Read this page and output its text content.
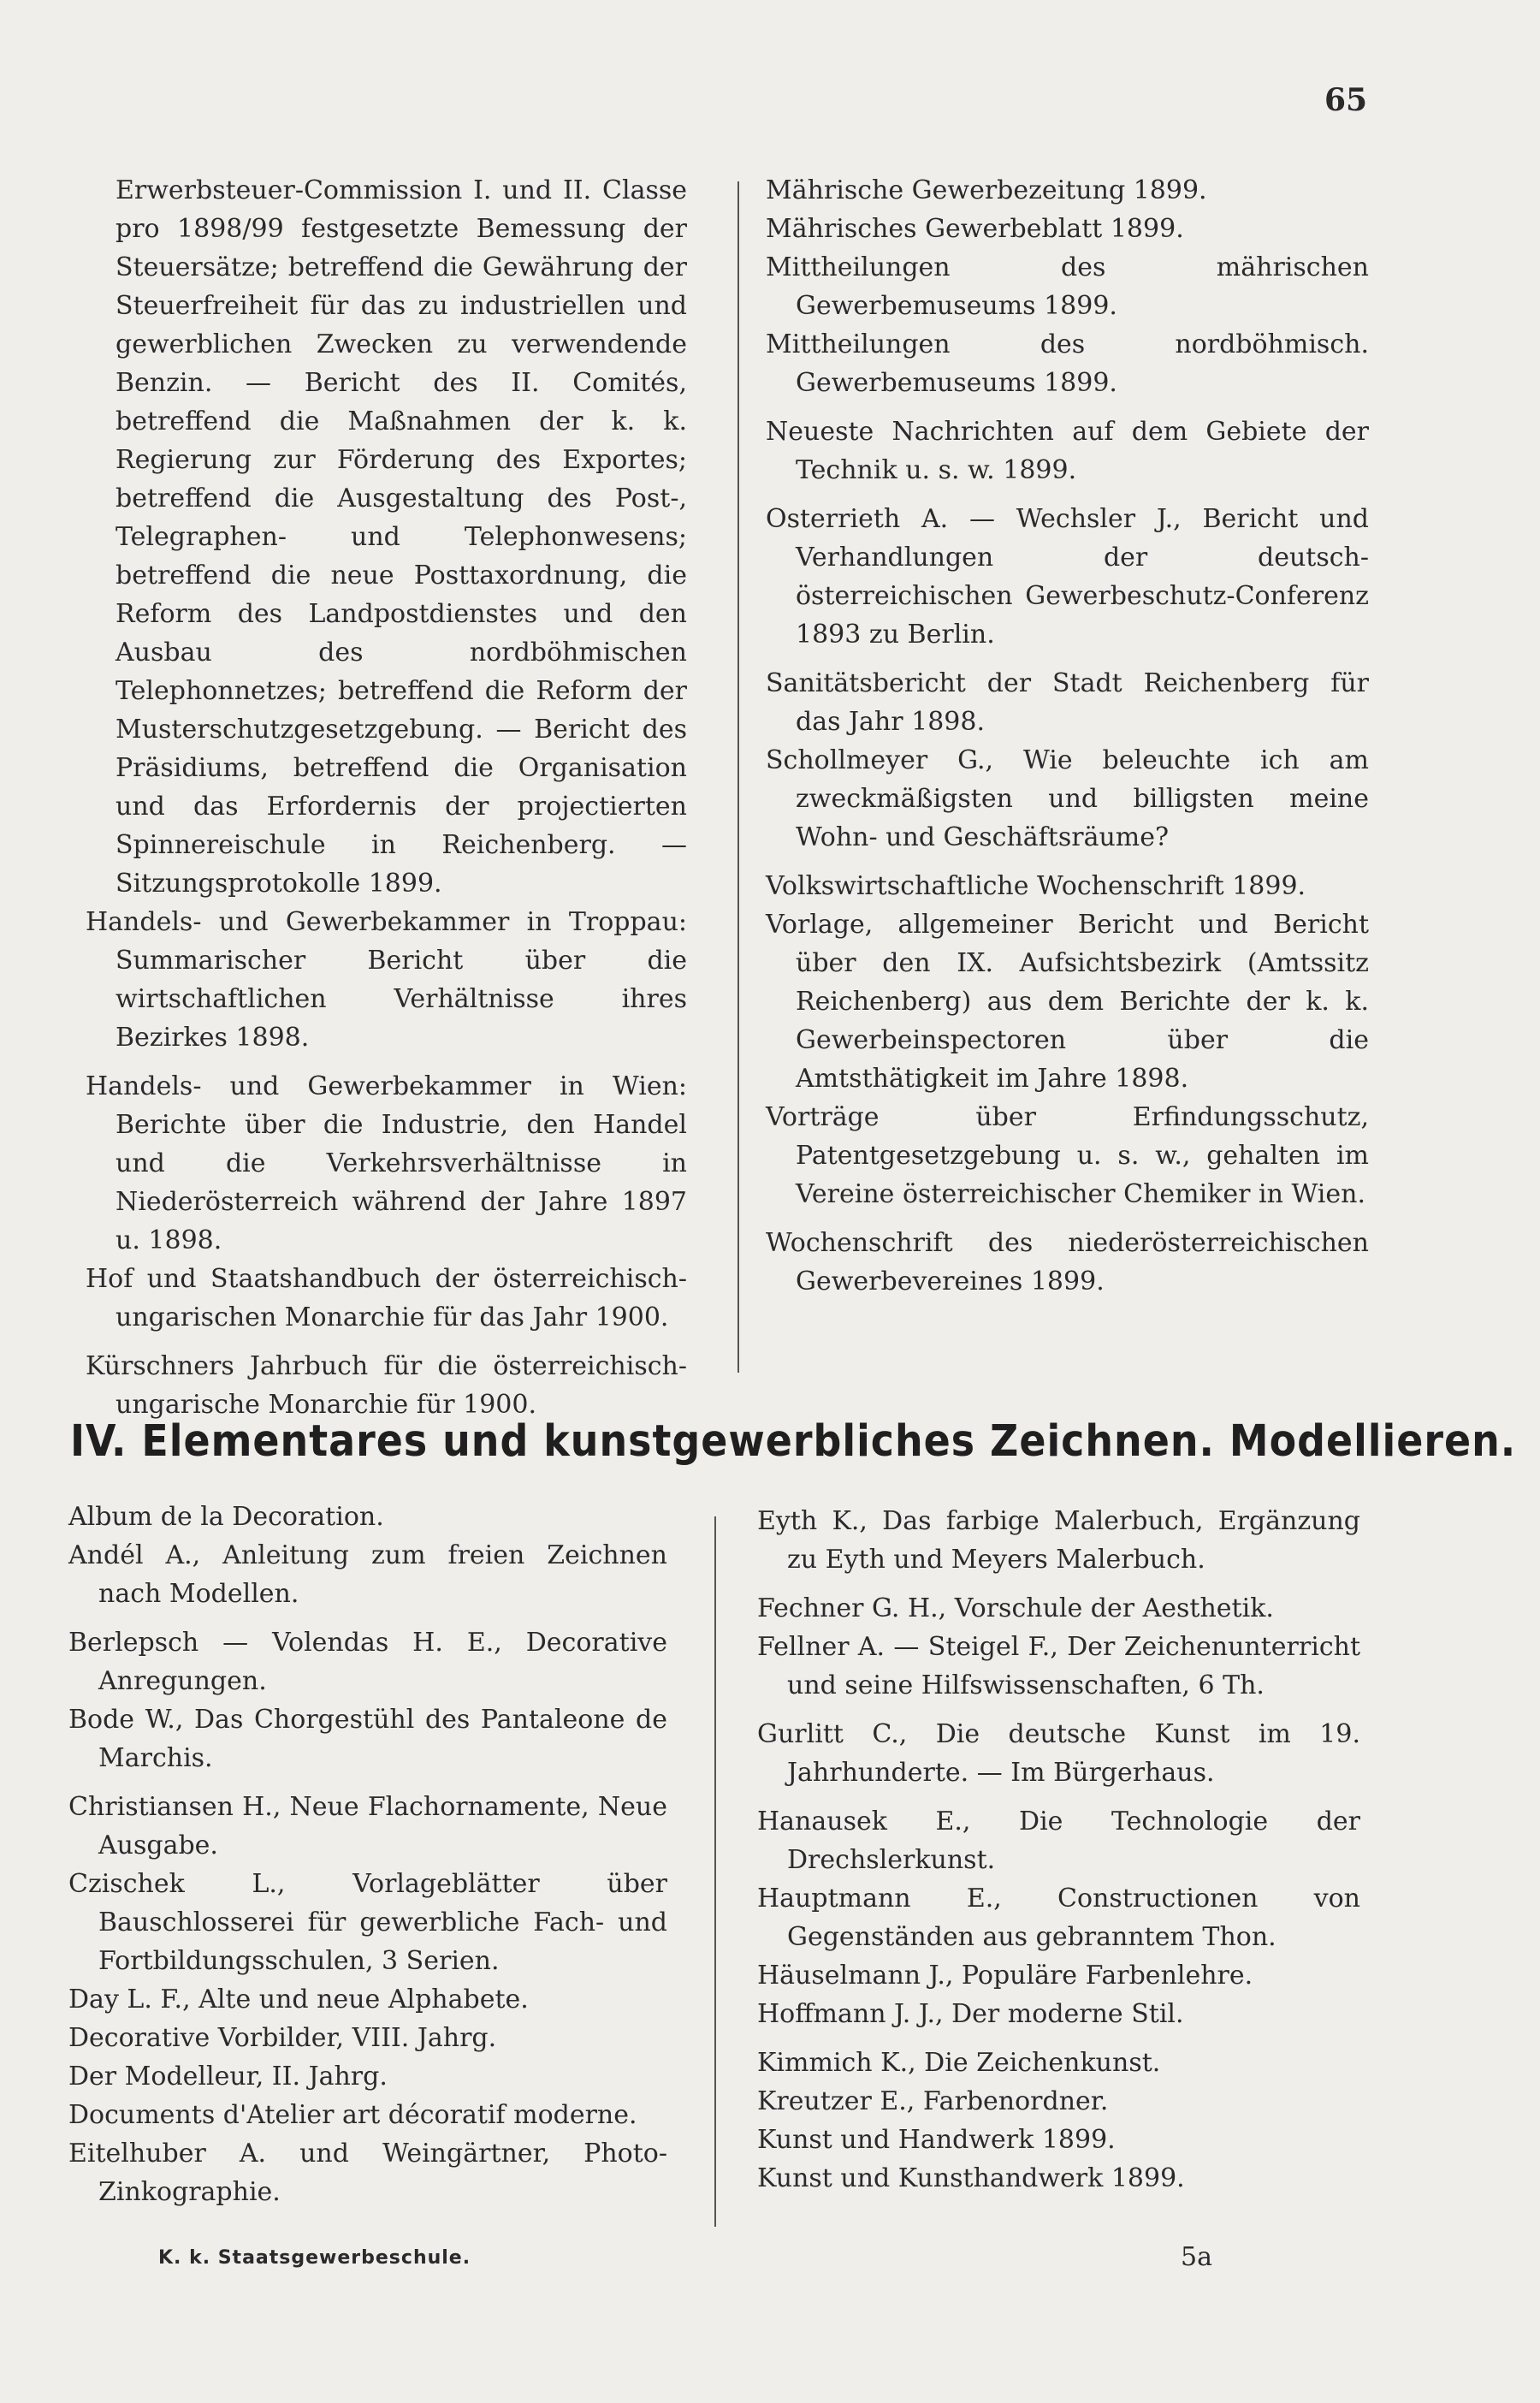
65
Erwerbsteuer-Commission I. und II. Classe pro 1898/99 festgesetzte Bemessung der Steuersätze; betreffend die Gewährung der Steuerfreiheit für das zu industriellen und gewerblichen Zwecken zu verwendende Benzin. — Bericht des II. Comités, betreffend die Maßnahmen der k. k. Regierung zur Förderung des Exportes; betreffend die Ausgestaltung des Post-, Telegraphen- und Telephonwesens; betreffend die neue Posttaxordnung, die Reform des Landpostdienstes und den Ausbau des nordböhmischen Telephonnetzes; betreffend die Reform der Musterschutzgesetzgebung. — Bericht des Präsidiums, betreffend die Organisation und das Erfordernis der projectierten Spinnereischule in Reichenberg. — Sitzungsprotokolle 1899.
Handels- und Gewerbekammer in Troppau: Summarischer Bericht über die wirtschaftlichen Verhältnisse ihres Bezirkes 1898.
Handels- und Gewerbekammer in Wien: Berichte über die Industrie, den Handel und die Verkehrsverhältnisse in Niederösterreich während der Jahre 1897 u. 1898.
Hof und Staatshandbuch der österreichisch-ungarischen Monarchie für das Jahr 1900.
Kürschners Jahrbuch für die österreichisch-ungarische Monarchie für 1900.
Mährische Gewerbezeitung 1899.
Mährisches Gewerbeblatt 1899.
Mittheilungen des mährischen Gewerbemuseums 1899.
Mittheilungen des nordböhmisch. Gewerbemuseums 1899.
Neueste Nachrichten auf dem Gebiete der Technik u. s. w. 1899.
Osterrieth A. — Wechsler J., Bericht und Verhandlungen der deutsch-österreichischen Gewerbeschutz-Conferenz 1893 zu Berlin.
Sanitätsbericht der Stadt Reichenberg für das Jahr 1898.
Schollmeyer G., Wie beleuchte ich am zweckmäßigsten und billigsten meine Wohn- und Geschäftsräume?
Volkswirtschaftliche Wochenschrift 1899.
Vorlage, allgemeiner Bericht und Bericht über den IX. Aufsichtsbezirk (Amtssitz Reichenberg) aus dem Berichte der k. k. Gewerbeinspectoren über die Amtsthätigkeit im Jahre 1898.
Vorträge über Erfindungsschutz, Patentgesetzgebung u. s. w., gehalten im Vereine österreichischer Chemiker in Wien.
Wochenschrift des niederösterreichischen Gewerbevereines 1899.
IV. Elementares und kunstgewerbliches Zeichnen. Modellieren.
Album de la Decoration.
Andél A., Anleitung zum freien Zeichnen nach Modellen.
Berlepsch — Volendas H. E., Decorative Anregungen.
Bode W., Das Chorgestühl des Pantaleone de Marchis.
Christiansen H., Neue Flachornamente, Neue Ausgabe.
Czischek L., Vorlageblätter über Bauschlosserei für gewerbliche Fach- und Fortbildungsschulen, 3 Serien.
Day L. F., Alte und neue Alphabete.
Decorative Vorbilder, VIII. Jahrg.
Der Modelleur, II. Jahrg.
Documents d'Atelier art décoratif moderne.
Eitelhuber A. und Weingärtner, Photo-Zinkographie.
Eyth K., Das farbige Malerbuch, Ergänzung zu Eyth und Meyers Malerbuch.
Fechner G. H., Vorschule der Aesthetik.
Fellner A. — Steigel F., Der Zeichenunterricht und seine Hilfswissenschaften, 6 Th.
Gurlitt C., Die deutsche Kunst im 19. Jahrhunderte. — Im Bürgerhaus.
Hanausek E., Die Technologie der Drechslerkunst.
Hauptmann E., Constructionen von Gegenständen aus gebranntem Thon.
Häuselmann J., Populäre Farbenlehre.
Hoffmann J. J., Der moderne Stil.
Kimmich K., Die Zeichenkunst.
Kreutzer E., Farbenordner.
Kunst und Handwerk 1899.
Kunst und Kunsthandwerk 1899.
K. k. Staatsgewerbeschule.	5a
